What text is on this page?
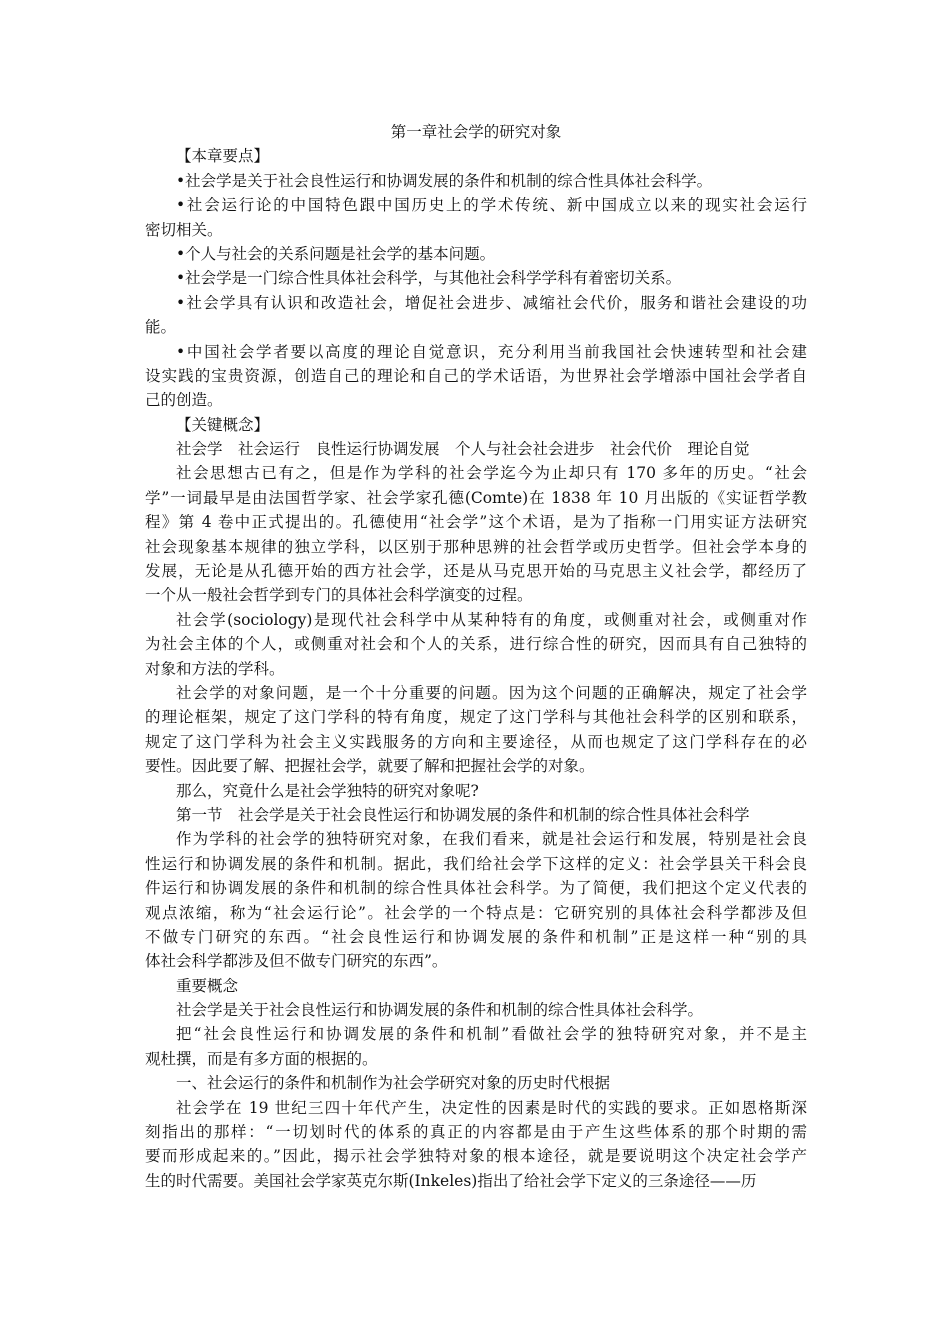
第一章社会学的研究对象
【本章要点】
•社会学是关于社会良性运行和协调发展的条件和机制的综合性具体社会科学。
•社会运行论的中国特色跟中国历史上的学术传统、新中国成立以来的现实社会运行
密切相关。
•个人与社会的关系问题是社会学的基本问题。
•社会学是一门综合性具体社会科学，与其他社会科学学科有着密切关系。
•社会学具有认识和改造社会，增促社会进步、减缩社会代价，服务和谐社会建设的功
能。
•中国社会学者要以高度的理论自觉意识，充分利用当前我国社会快速转型和社会建
设实践的宝贵资源，创造自己的理论和自己的学术话语，为世界社会学增添中国社会学者自
己的创造。
【关键概念】
社会学　社会运行　良性运行协调发展　个人与社会社会进步　社会代价　理论自觉
社会思想古已有之，但是作为学科的社会学迄今为止却只有 170 多年的历史。“社会
学”一词最早是由法国哲学家、社会学家孔德(Comte)在 1838 年 10 月出版的《实证哲学教
程》第 4 卷中正式提出的。孔德使用“社会学”这个术语，是为了指称一门用实证方法研究
社会现象基本规律的独立学科，以区别于那种思辨的社会哲学或历史哲学。但社会学本身的
发展，无论是从孔德开始的西方社会学，还是从马克思开始的马克思主义社会学，都经历了
一个从一般社会哲学到专门的具体社会科学演变的过程。
社会学(sociology)是现代社会科学中从某种特有的角度，或侧重对社会，或侧重对作
为社会主体的个人，或侧重对社会和个人的关系，进行综合性的研究，因而具有自己独特的
对象和方法的学科。
社会学的对象问题，是一个十分重要的问题。因为这个问题的正确解决，规定了社会学
的理论框架，规定了这门学科的特有角度，规定了这门学科与其他社会科学的区别和联系，
规定了这门学科为社会主义实践服务的方向和主要途径，从而也规定了这门学科存在的必
要性。因此要了解、把握社会学，就要了解和把握社会学的对象。
那么，究竟什么是社会学独特的研究对象呢?
第一节　社会学是关于社会良性运行和协调发展的条件和机制的综合性具体社会科学
作为学科的社会学的独特研究对象，在我们看来，就是社会运行和发展，特别是社会良
性运行和协调发展的条件和机制。据此，我们给社会学下这样的定义：社会学县关干科会良
件运行和协调发展的条件和机制的综合性具体社会科学。为了简便，我们把这个定义代表的
观点浓缩，称为“社会运行论”。社会学的一个特点是：它研究别的具体社会科学都涉及但
不做专门研究的东西。“社会良性运行和协调发展的条件和机制”正是这样一种“别的具
体社会科学都涉及但不做专门研究的东西”。
重要概念
社会学是关于社会良性运行和协调发展的条件和机制的综合性具体社会科学。
把“社会良性运行和协调发展的条件和机制”看做社会学的独特研究对象，并不是主
观杜撰，而是有多方面的根据的。
一、社会运行的条件和机制作为社会学研究对象的历史时代根据
社会学在 19 世纪三四十年代产生，决定性的因素是时代的实践的要求。正如恩格斯深
刻指出的那样：“一切划时代的体系的真正的内容都是由于产生这些体系的那个时期的需
要而形成起来的。”因此，揭示社会学独特对象的根本途径，就是要说明这个决定社会学产
生的时代需要。美国社会学家英克尔斯(Inkeles)指出了给社会学下定义的三条途径——历
